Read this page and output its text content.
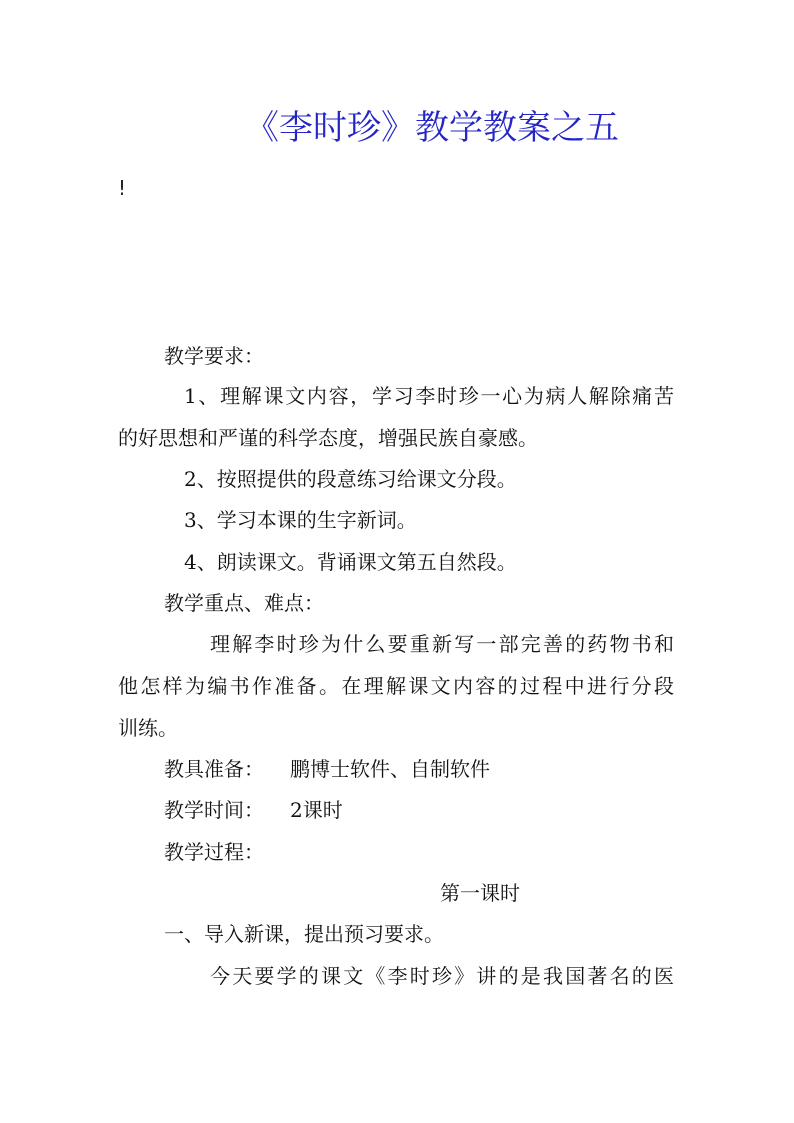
《李时珍》教学教案之五
!
教学要求：
1、理解课文内容，学习李时珍一心为病人解除痛苦
的好思想和严谨的科学态度，增强民族自豪感。
2、按照提供的段意练习给课文分段。
3、学习本课的生字新词。
4、朗读课文。背诵课文第五自然段。
教学重点、难点：
理解李时珍为什么要重新写一部完善的药物书和
他怎样为编书作准备。在理解课文内容的过程中进行分段
训练。
教具准备： 鹏博士软件、自制软件
教学时间： 2课时
教学过程：
第一课时
一、导入新课，提出预习要求。
今天要学的课文《李时珍》讲的是我国著名的医
